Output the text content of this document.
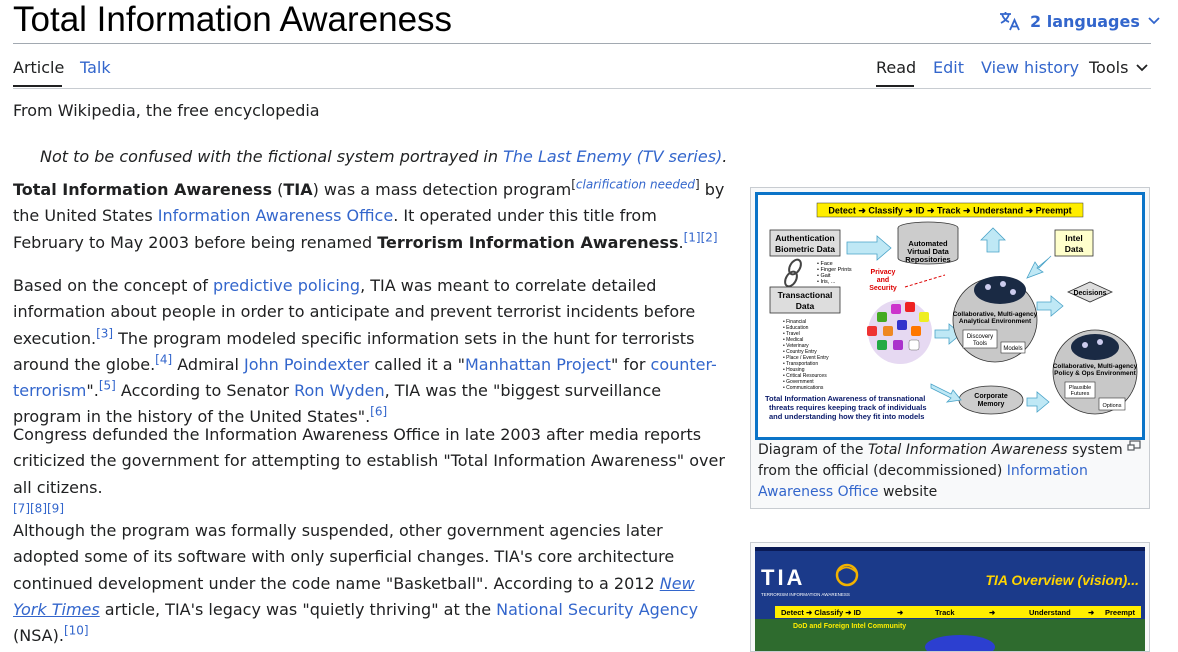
Total Information Awareness	2 languages
Article Talk	Read Edit View history Tools
From Wikipedia, the free encyclopedia
Not to be confused with the fictional system portrayed in The Last Enemy (TV series).

Total Information Awareness (TIA) was a mass detection program[clarification needed] by the United States Information Awareness Office. It operated under this title from February to May 2003 before being renamed Terrorism Information Awareness.[1][2]

Based on the concept of predictive policing, TIA was meant to correlate detailed information about people in order to anticipate and prevent terrorist incidents before execution.[3] The program modeled specific information sets in the hunt for terrorists around the globe.[4] Admiral John Poindexter called it a "Manhattan Project" for counter-terrorism".[5] According to Senator Ron Wyden, TIA was the "biggest surveillance program in the history of the United States".[6]

Congress defunded the Information Awareness Office in late 2003 after media reports criticized the government for attempting to establish "Total Information Awareness" over all citizens.
[7][8][9]

Although the program was formally suspended, other government agencies later adopted some of its software with only superficial changes. TIA's core architecture continued development under the code name "Basketball". According to a 2012 New York Times article, TIA's legacy was "quietly thriving" at the National Security Agency (NSA).[10]

Detect ➜ Classify ➜ ID ➜ Track ➜ Understand ➜ Preempt
Authentication
Biometric Data
• Face
• Finger Prints
• Gait
• Iris, ...
Automated
Virtual Data
Repositories
Intel
Data
Privacy
and
Security
Transactional
Data
• Financial
• Education
• Travel
• Medical
• Veterinary
• Country Entry
• Place / Event Entry
• Transportation
• Housing
• Critical Resources
• Government
• Communications
Collaborative, Multi-agency
Analytical Environment
Discovery
Tools
Models
Decisions
Collaborative, Multi-agency
Policy & Ops Environment
Plausible
Futures
Options
Corporate
Memory
Total Information Awareness of transnational
threats requires keeping track of individuals
and understanding how they fit into models
Diagram of the Total Information Awareness system from the official (decommissioned) Information Awareness Office website
TIA
TERRORISM INFORMATION AWARENESS
TIA Overview (vision)...
Detect ➜ Classify ➜ ID	➜	Track	➜	Understand ➜ Preempt
DoD and Foreign Intel Community
